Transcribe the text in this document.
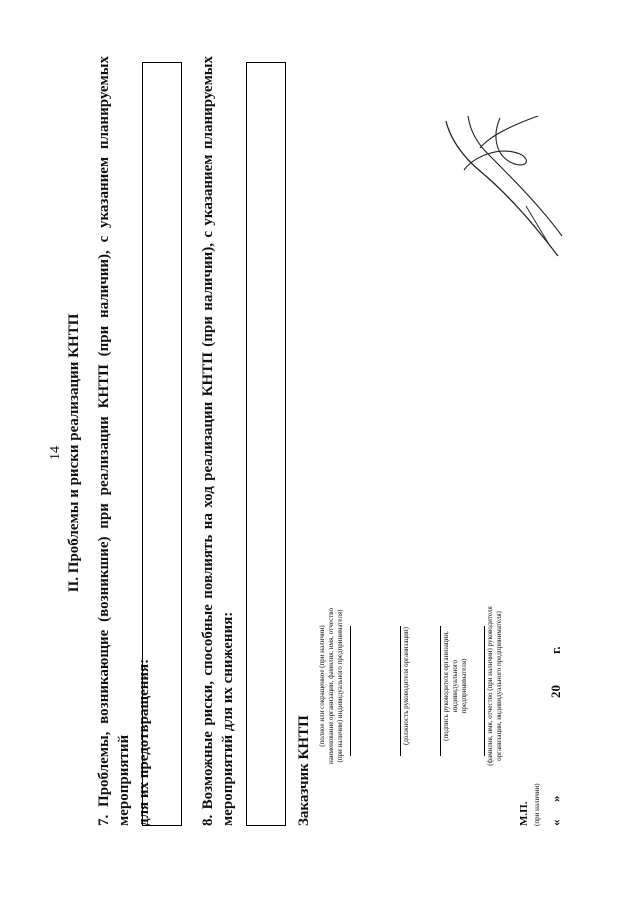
14 II. Проблемы и риски реализации КНТП 7. Проблемы, возникающие (возникшие) при реализации КНТП (при наличии), с указанием планируемых мероприятий для их предотвращения:	8. Возможные риски, способные повлиять на ход реализации КНТП (при наличии), с указанием планируемых мероприятий для их снижения:	Заказчик КНТП
(полное или сокращенное (при наличии) наименование организации, фамилия, имя, отчество (при наличии) индивидуального предпринимателя)	(должность руководителя организации)	(подпись руководителя организации, индивидуального предпринимателя)	(фамилия, имя, отчество (при наличии) руководителя организации, индивидуального предпринимателя)
М.П. (при наличии) «
»
20
г.
